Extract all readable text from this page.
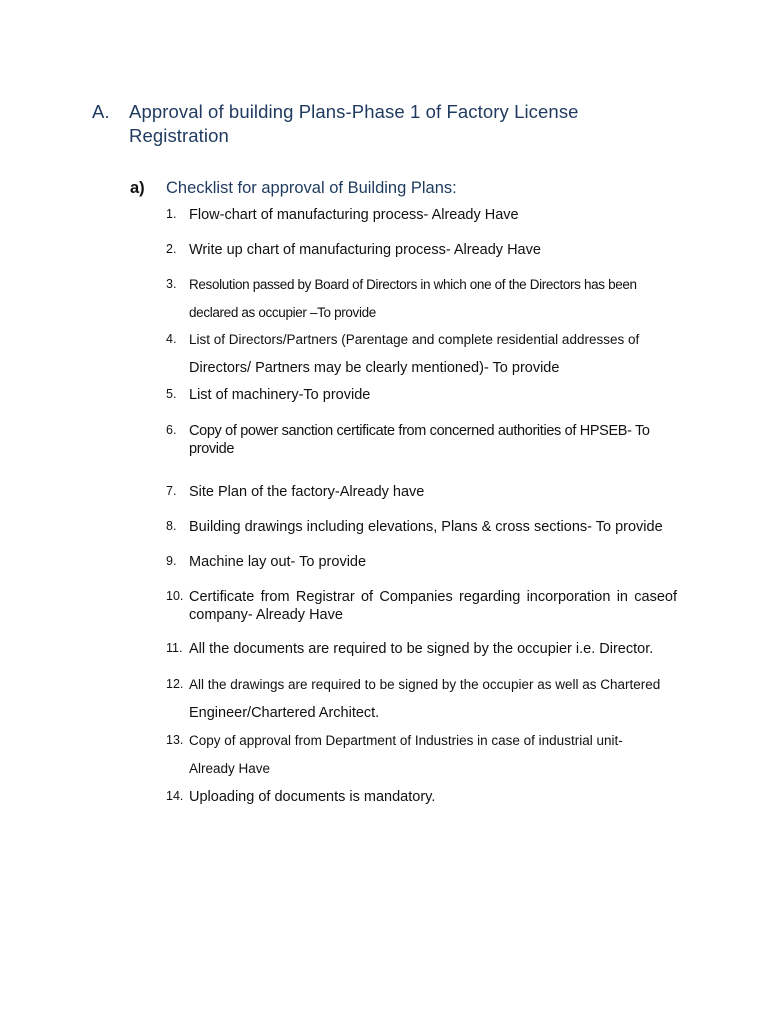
A.	Approval of building Plans-Phase 1 of Factory License Registration
a)	Checklist for approval of Building Plans:
1. Flow-chart of manufacturing process- Already Have
2. Write up chart of manufacturing process- Already Have
3. Resolution passed by Board of Directors in which one of the Directors has been
declared as occupier –To provide
4. List of Directors/Partners (Parentage and complete residential addresses of
Directors/ Partners may be clearly mentioned)- To provide
5. List of machinery-To provide
6. Copy of power sanction certificate from concerned authorities of HPSEB- To provide
7. Site Plan of the factory-Already have
8. Building drawings including elevations, Plans & cross sections- To provide
9. Machine lay out- To provide
10. Certificate from Registrar of Companies regarding incorporation in caseof company- Already Have
11. All the documents are required to be signed by the occupier i.e. Director.
12. All the drawings are required to be signed by the occupier as well as Chartered
Engineer/Chartered Architect.
13. Copy of approval from Department of Industries in case of industrial unit-
Already Have
14. Uploading of documents is mandatory.
